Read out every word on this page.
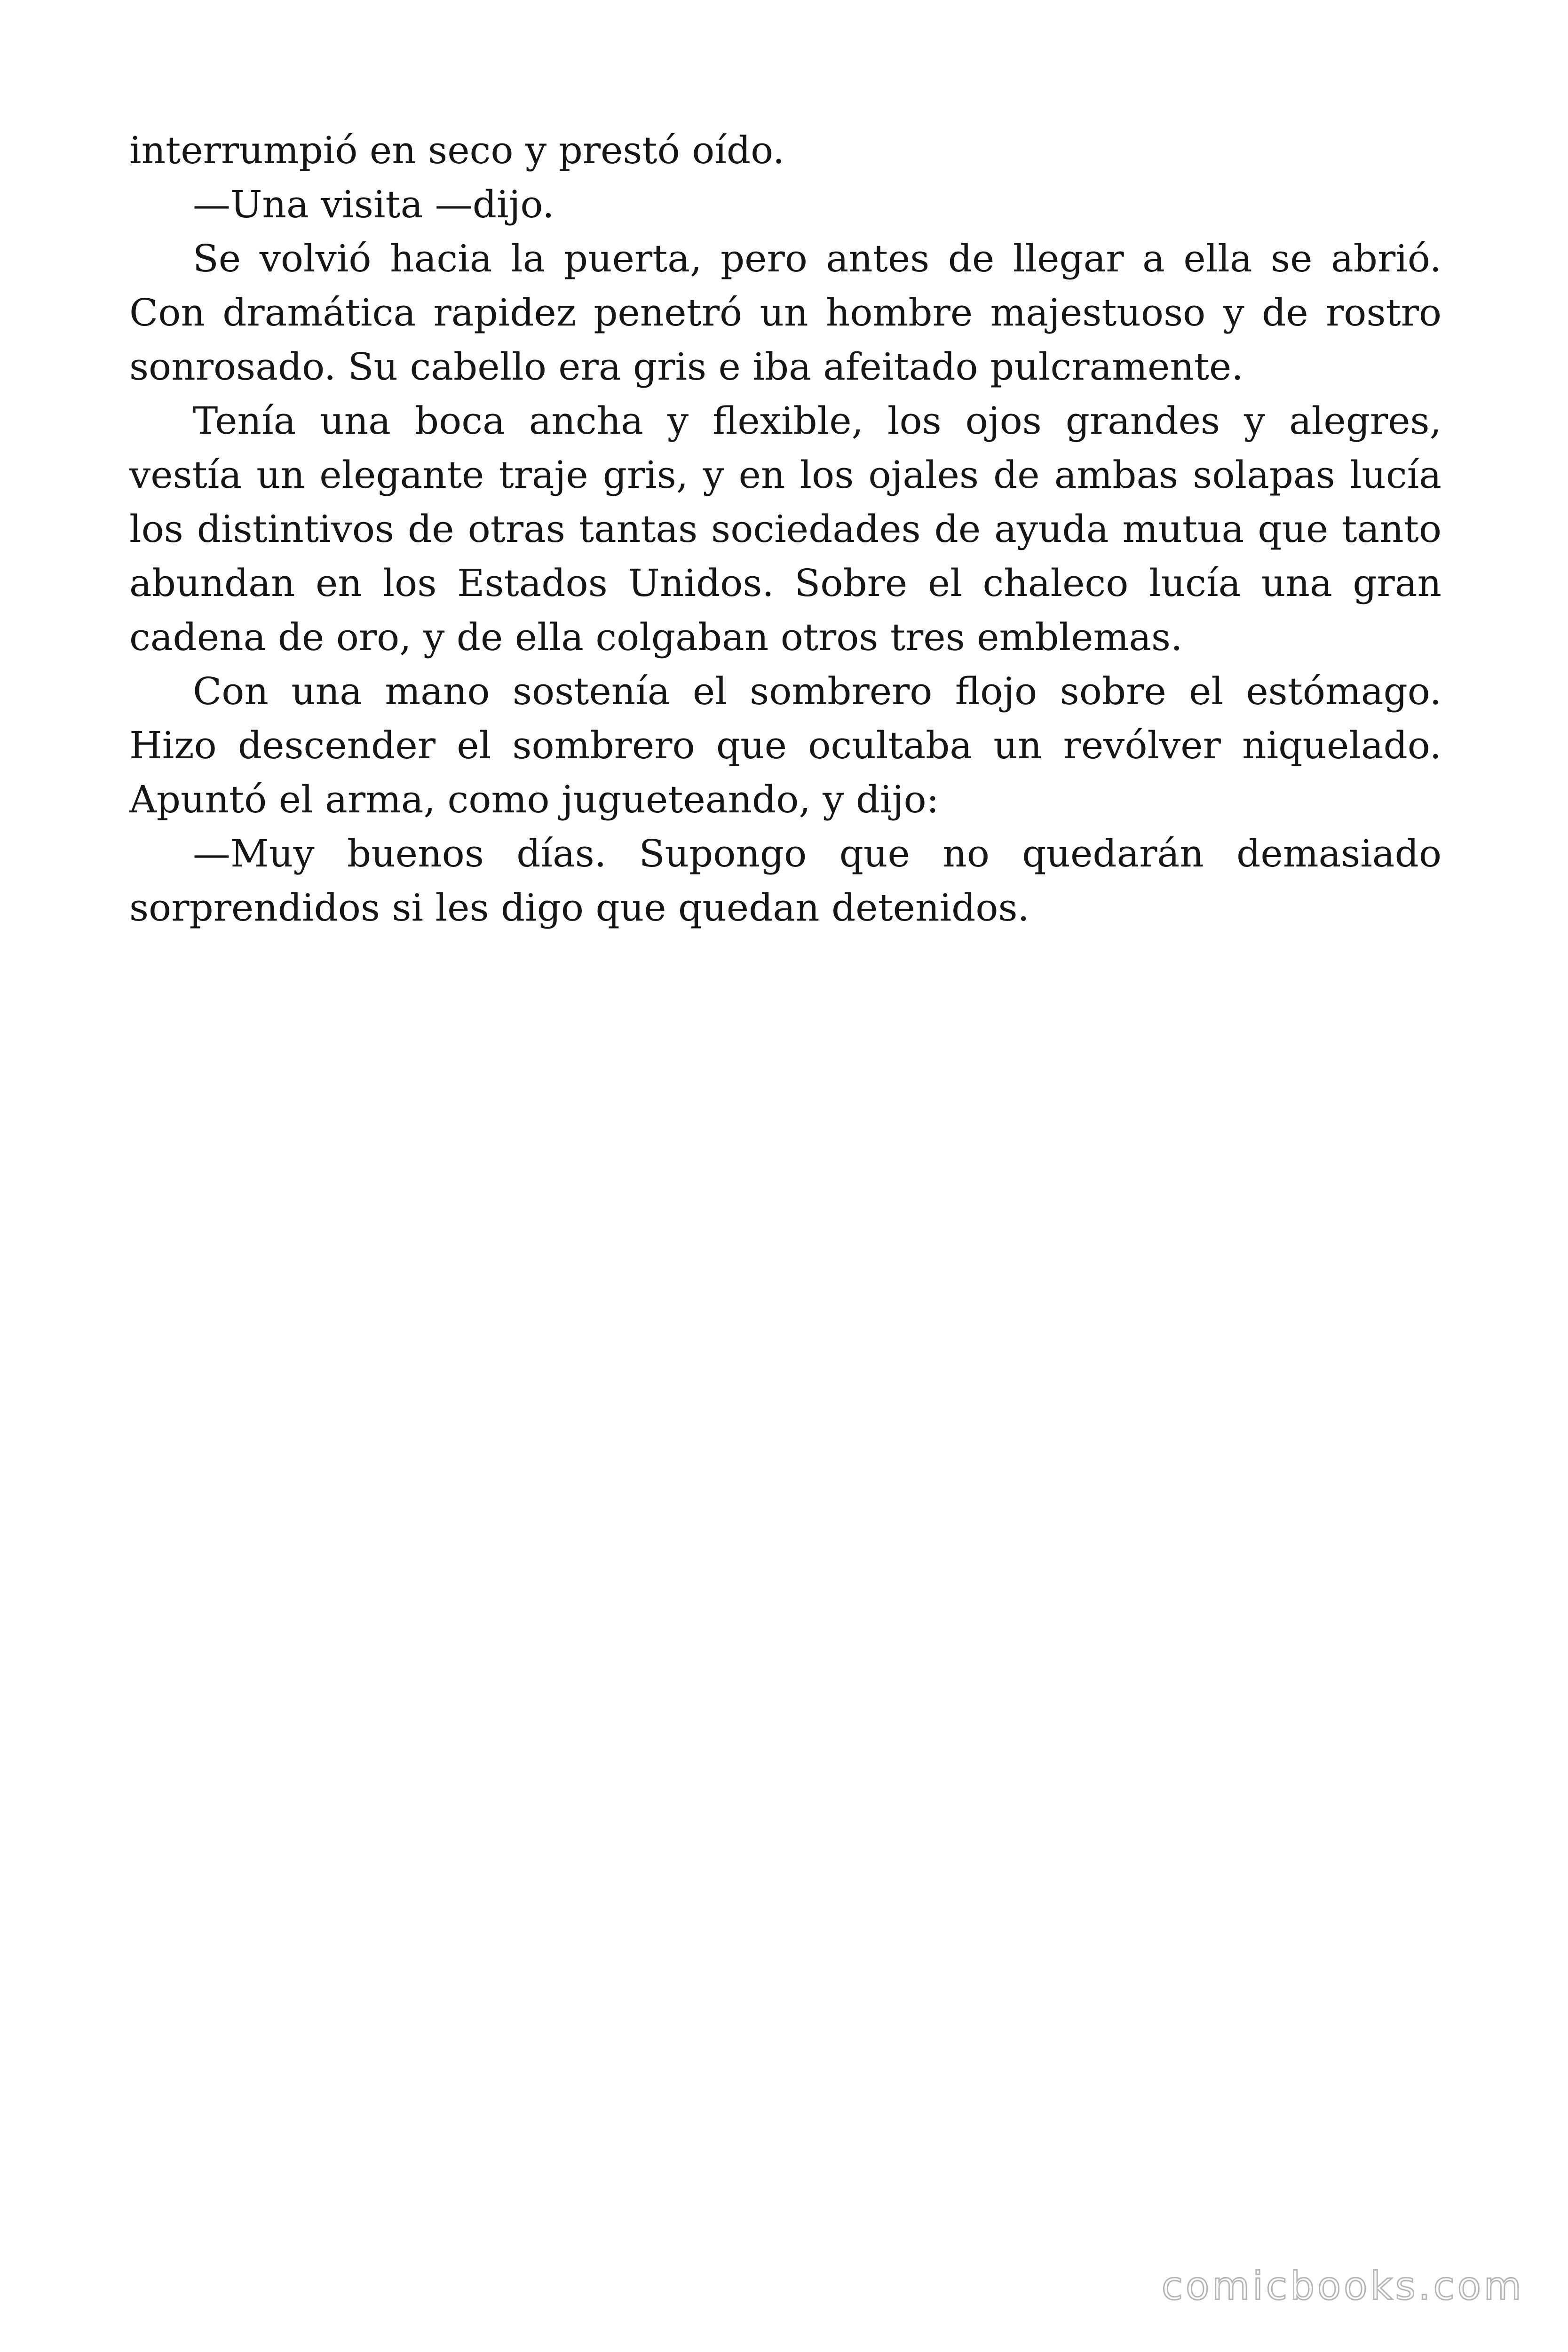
interrumpió en seco y prestó oído.

—Una visita —dijo.

Se volvió hacia la puerta, pero antes de llegar a ella se abrió. Con dramática rapidez penetró un hombre majestuoso y de rostro sonrosado. Su cabello era gris e iba afeitado pulcramente.

Tenía una boca ancha y flexible, los ojos grandes y alegres, vestía un elegante traje gris, y en los ojales de ambas solapas lucía los distintivos de otras tantas sociedades de ayuda mutua que tanto abundan en los Estados Unidos. Sobre el chaleco lucía una gran cadena de oro, y de ella colgaban otros tres emblemas.

Con una mano sostenía el sombrero flojo sobre el estómago. Hizo descender el sombrero que ocultaba un revólver niquelado. Apuntó el arma, como jugueteando, y dijo:

—Muy buenos días. Supongo que no quedarán demasiado sorprendidos si les digo que quedan detenidos.

comicbooks.com
